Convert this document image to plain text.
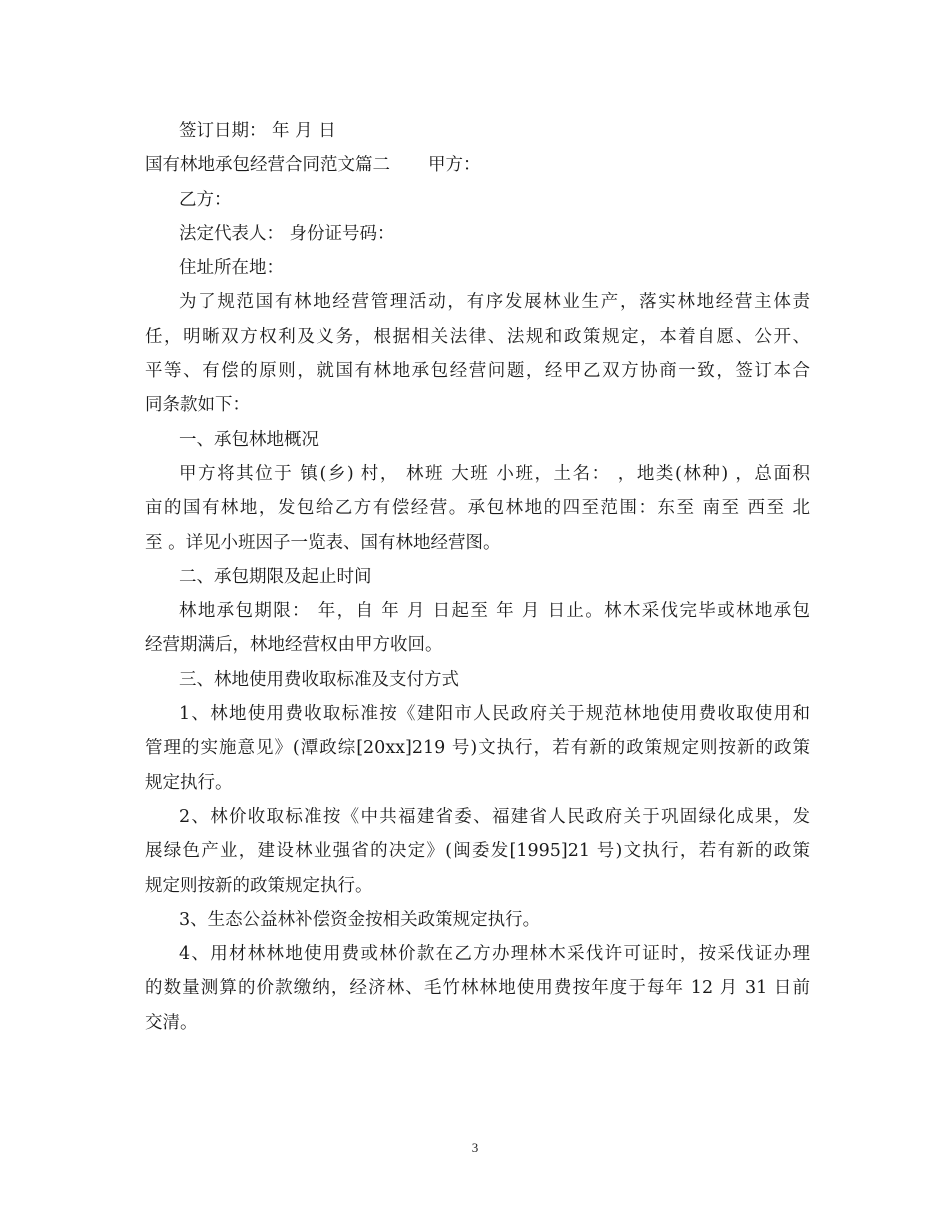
签订日期： 年 月 日
国有林地承包经营合同范文篇二 甲方：
乙方：
法定代表人： 身份证号码：
住址所在地：
为了规范国有林地经营管理活动，有序发展林业生产，落实林地经营主体责
任，明晰双方权利及义务，根据相关法律、法规和政策规定，本着自愿、公开、
平等、有偿的原则，就国有林地承包经营问题，经甲乙双方协商一致，签订本合
同条款如下：
一、承包林地概况
甲方将其位于 镇(乡) 村， 林班 大班 小班，土名： ，地类(林种) ，总面积
亩的国有林地，发包给乙方有偿经营。承包林地的四至范围：东至 南至 西至 北
至 。详见小班因子一览表、国有林地经营图。
二、承包期限及起止时间
林地承包期限： 年，自 年 月 日起至 年 月 日止。林木采伐完毕或林地承包
经营期满后，林地经营权由甲方收回。
三、林地使用费收取标准及支付方式
1、林地使用费收取标准按《建阳市人民政府关于规范林地使用费收取使用和
管理的实施意见》(潭政综[20xx]219 号)文执行，若有新的政策规定则按新的政策
规定执行。
2、林价收取标准按《中共福建省委、福建省人民政府关于巩固绿化成果，发
展绿色产业，建设林业强省的决定》(闽委发[1995]21 号)文执行，若有新的政策
规定则按新的政策规定执行。
3、生态公益林补偿资金按相关政策规定执行。
4、用材林林地使用费或林价款在乙方办理林木采伐许可证时，按采伐证办理
的数量测算的价款缴纳，经济林、毛竹林林地使用费按年度于每年 12 月 31 日前
交清。
3
